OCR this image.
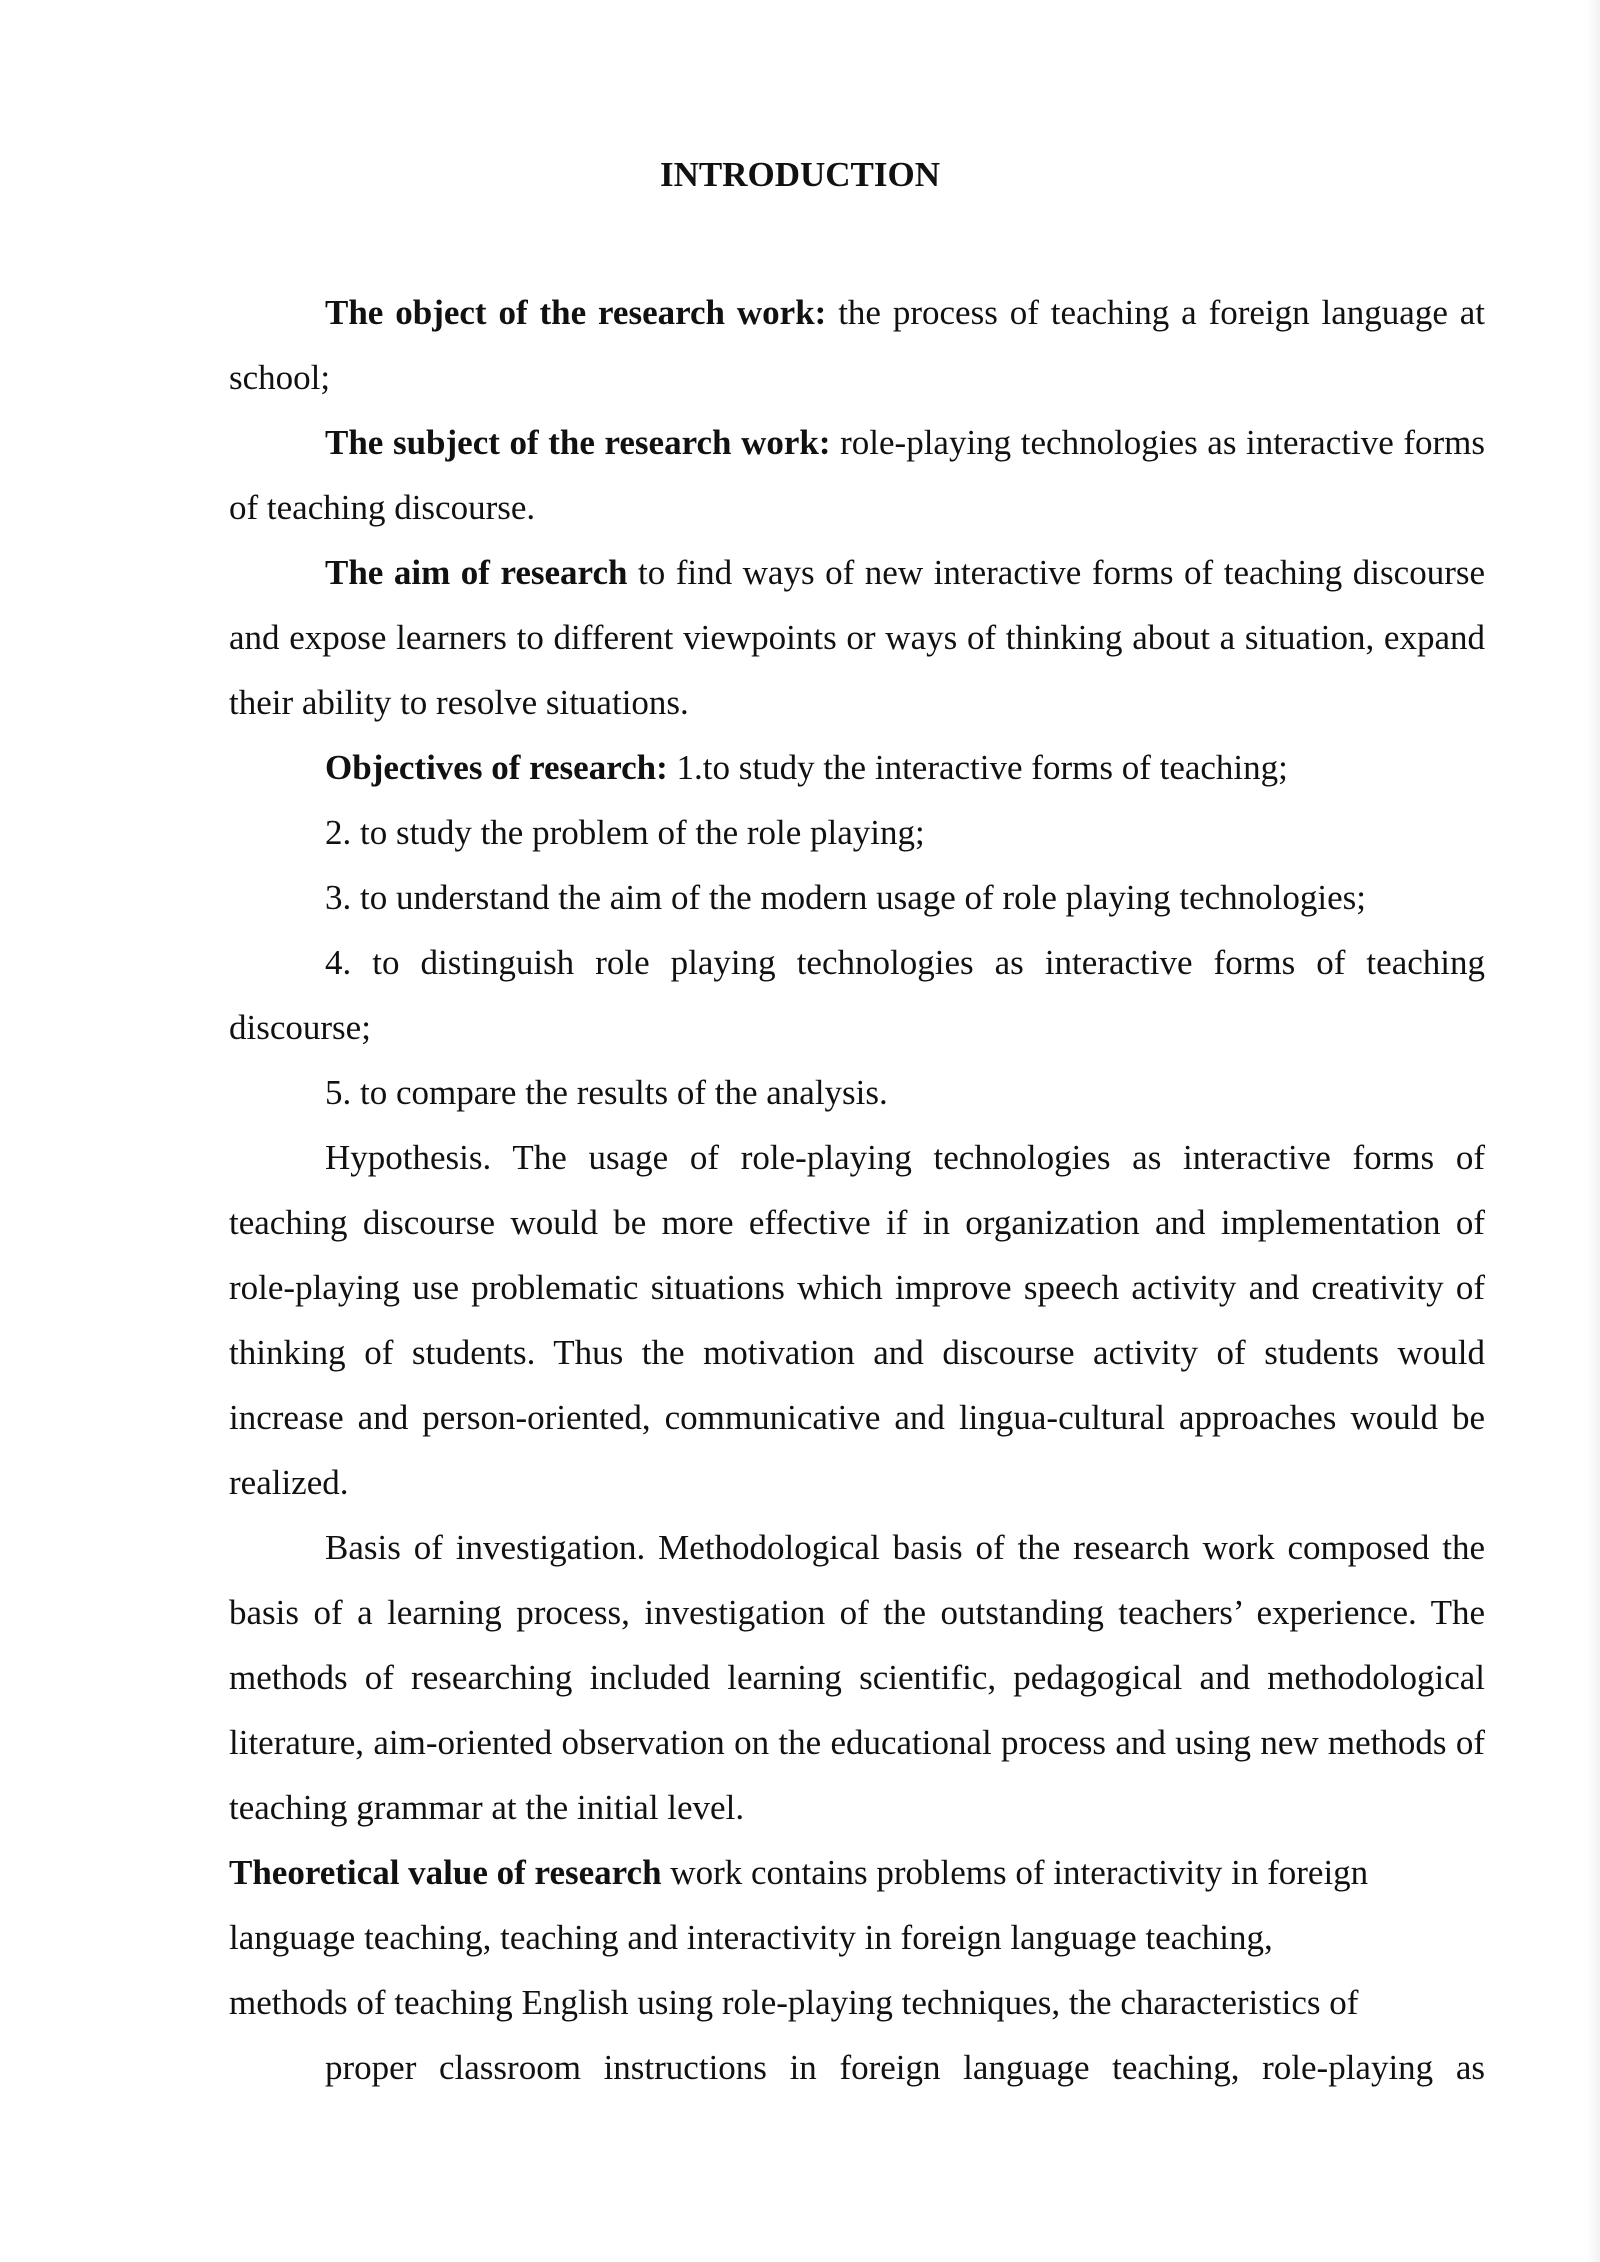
INTRODUCTION

The object of the research work: the process of teaching a foreign language at school;

The subject of the research work: role-playing technologies as interactive forms of teaching discourse.

The aim of research to find ways of new interactive forms of teaching discourse and expose learners to different viewpoints or ways of thinking about a situation, expand their ability to resolve situations.

Objectives of research: 1.to study the interactive forms of teaching;

2. to study the problem of the role playing;

3. to understand the aim of the modern usage of role playing technologies;

4. to distinguish role playing technologies as interactive forms of teaching discourse;

5. to compare the results of the analysis.

Hypothesis. The usage of role-playing technologies as interactive forms of teaching discourse would be more effective if in organization and implementation of role-playing use problematic situations which improve speech activity and creativity of thinking of students. Thus the motivation and discourse activity of students would increase and person-oriented, communicative and lingua-cultural approaches would be realized.

Basis of investigation. Methodological basis of the research work composed the basis of a learning process, investigation of the outstanding teachers’ experience. The methods of researching included learning scientific, pedagogical and methodological literature, aim-oriented observation on the educational process and using new methods of teaching grammar at the initial level.

Theoretical value of research work contains problems of interactivity in foreign
language teaching, teaching and interactivity in foreign language teaching,
methods of teaching English using role-playing techniques, the characteristics of

proper classroom instructions in foreign language teaching, role-playing as
